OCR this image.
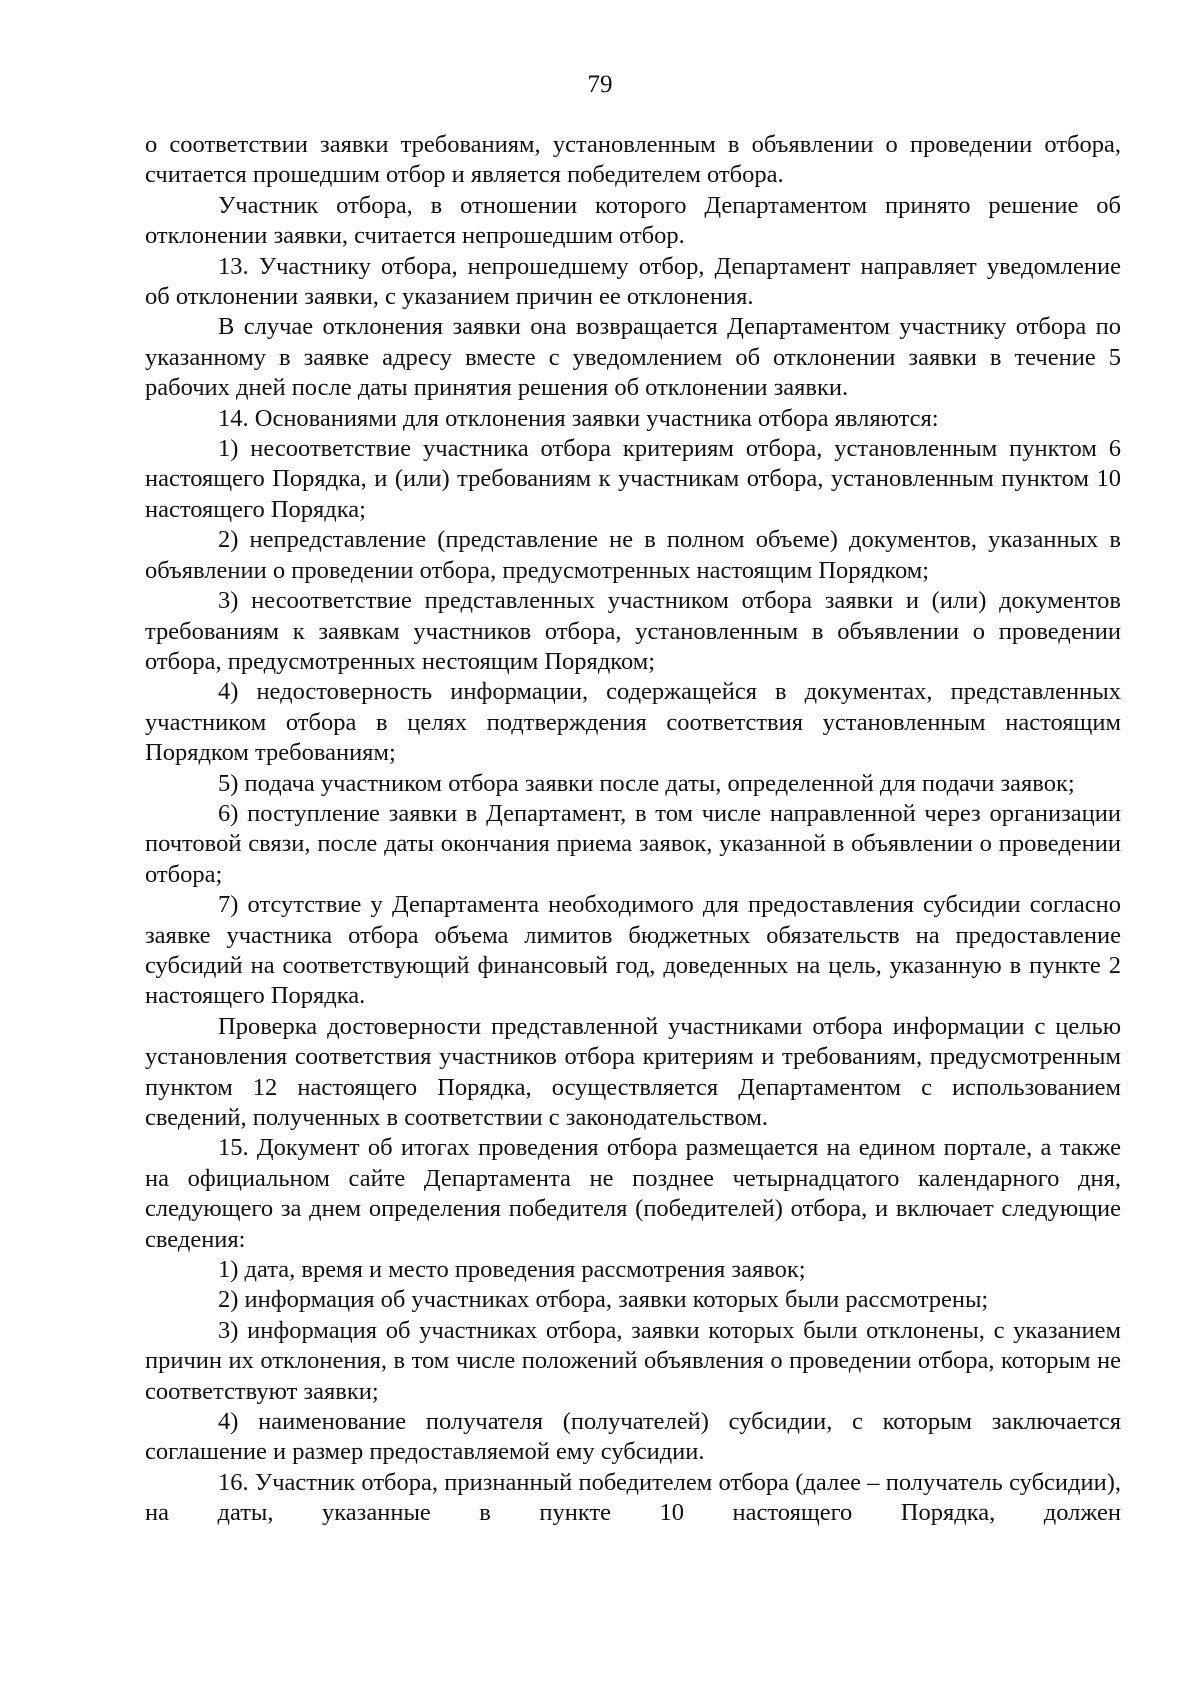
79

о соответствии заявки требованиям, установленным в объявлении о проведении отбора, считается прошедшим отбор и является победителем отбора.

Участник отбора, в отношении которого Департаментом принято решение об отклонении заявки, считается непрошедшим отбор.

13. Участнику отбора, непрошедшему отбор, Департамент направляет уведомление об отклонении заявки, с указанием причин ее отклонения.

В случае отклонения заявки она возвращается Департаментом участнику отбора по указанному в заявке адресу вместе с уведомлением об отклонении заявки в течение 5 рабочих дней после даты принятия решения об отклонении заявки.

14. Основаниями для отклонения заявки участника отбора являются:

1) несоответствие участника отбора критериям отбора, установленным пунктом 6 настоящего Порядка, и (или) требованиям к участникам отбора, установленным пунктом 10 настоящего Порядка;

2) непредставление (представление не в полном объеме) документов, указанных в объявлении о проведении отбора, предусмотренных настоящим Порядком;

3) несоответствие представленных участником отбора заявки и (или) документов требованиям к заявкам участников отбора, установленным в объявлении о проведении отбора, предусмотренных нестоящим Порядком;

4) недостоверность информации, содержащейся в документах, представленных участником отбора в целях подтверждения соответствия установленным настоящим Порядком требованиям;

5) подача участником отбора заявки после даты, определенной для подачи заявок;

6) поступление заявки в Департамент, в том числе направленной через организации почтовой связи, после даты окончания приема заявок, указанной в объявлении о проведении отбора;

7) отсутствие у Департамента необходимого для предоставления субсидии согласно заявке участника отбора объема лимитов бюджетных обязательств на предоставление субсидий на соответствующий финансовый год, доведенных на цель, указанную в пункте 2 настоящего Порядка.

Проверка достоверности представленной участниками отбора информации с целью установления соответствия участников отбора критериям и требованиям, предусмотренным пунктом 12 настоящего Порядка, осуществляется Департаментом с использованием сведений, полученных в соответствии с законодательством.

15. Документ об итогах проведения отбора размещается на едином портале, а также на официальном сайте Департамента не позднее четырнадцатого календарного дня, следующего за днем определения победителя (победителей) отбора, и включает следующие сведения:

1) дата, время и место проведения рассмотрения заявок;

2) информация об участниках отбора, заявки которых были рассмотрены;

3) информация об участниках отбора, заявки которых были отклонены, с указанием причин их отклонения, в том числе положений объявления о проведении отбора, которым не соответствуют заявки;

4) наименование получателя (получателей) субсидии, с которым заключается соглашение и размер предоставляемой ему субсидии.

16. Участник отбора, признанный победителем отбора (далее – получатель субсидии), на даты, указанные в пункте 10 настоящего Порядка, должен
